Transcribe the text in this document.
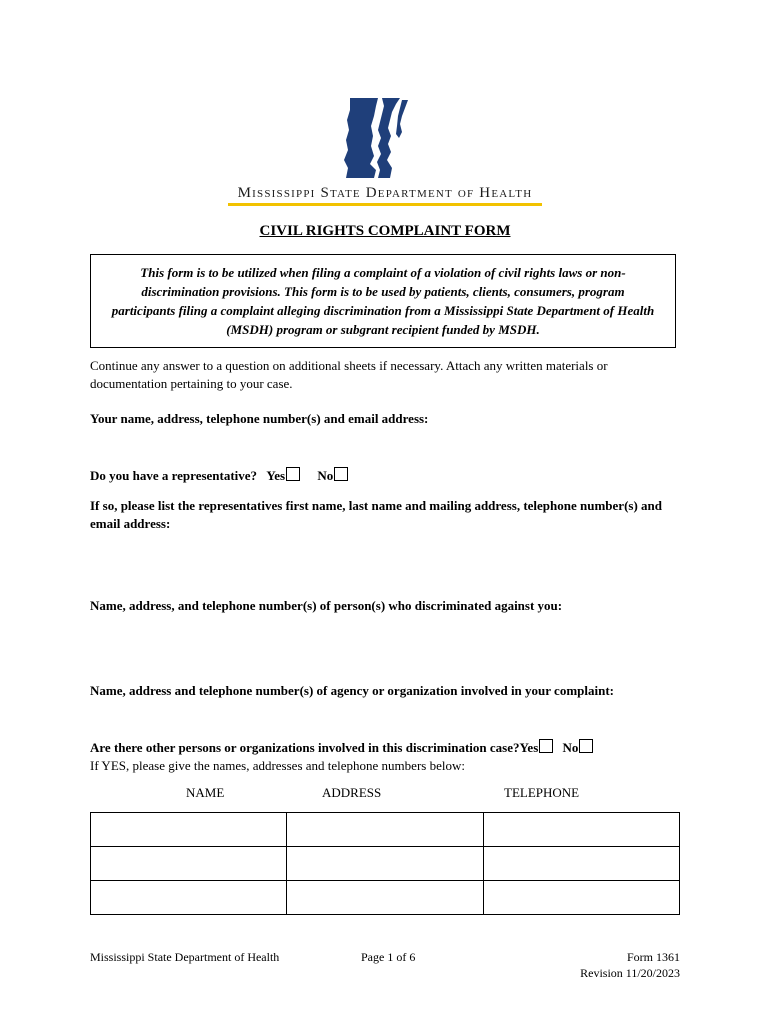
Mississippi State Department of Health
CIVIL RIGHTS COMPLAINT FORM
This form is to be utilized when filing a complaint of a violation of civil rights laws or non-discrimination provisions. This form is to be used by patients, clients, consumers, program participants filing a complaint alleging discrimination from a Mississippi State Department of Health (MSDH) program or subgrant recipient funded by MSDH.
Continue any answer to a question on additional sheets if necessary. Attach any written materials or documentation pertaining to your case.
Your name, address, telephone number(s) and email address:
Do you have a representative? Yes No
If so, please list the representatives first name, last name and mailing address, telephone number(s) and email address:
Name, address, and telephone number(s) of person(s) who discriminated against you:
Name, address and telephone number(s) of agency or organization involved in your complaint:
Are there other persons or organizations involved in this discrimination case?Yes No
If YES, please give the names, addresses and telephone numbers below:
NAME	ADDRESS	TELEPHONE

Mississippi State Department of Health	Page 1 of 6	Form 1361
Revision 11/20/2023
